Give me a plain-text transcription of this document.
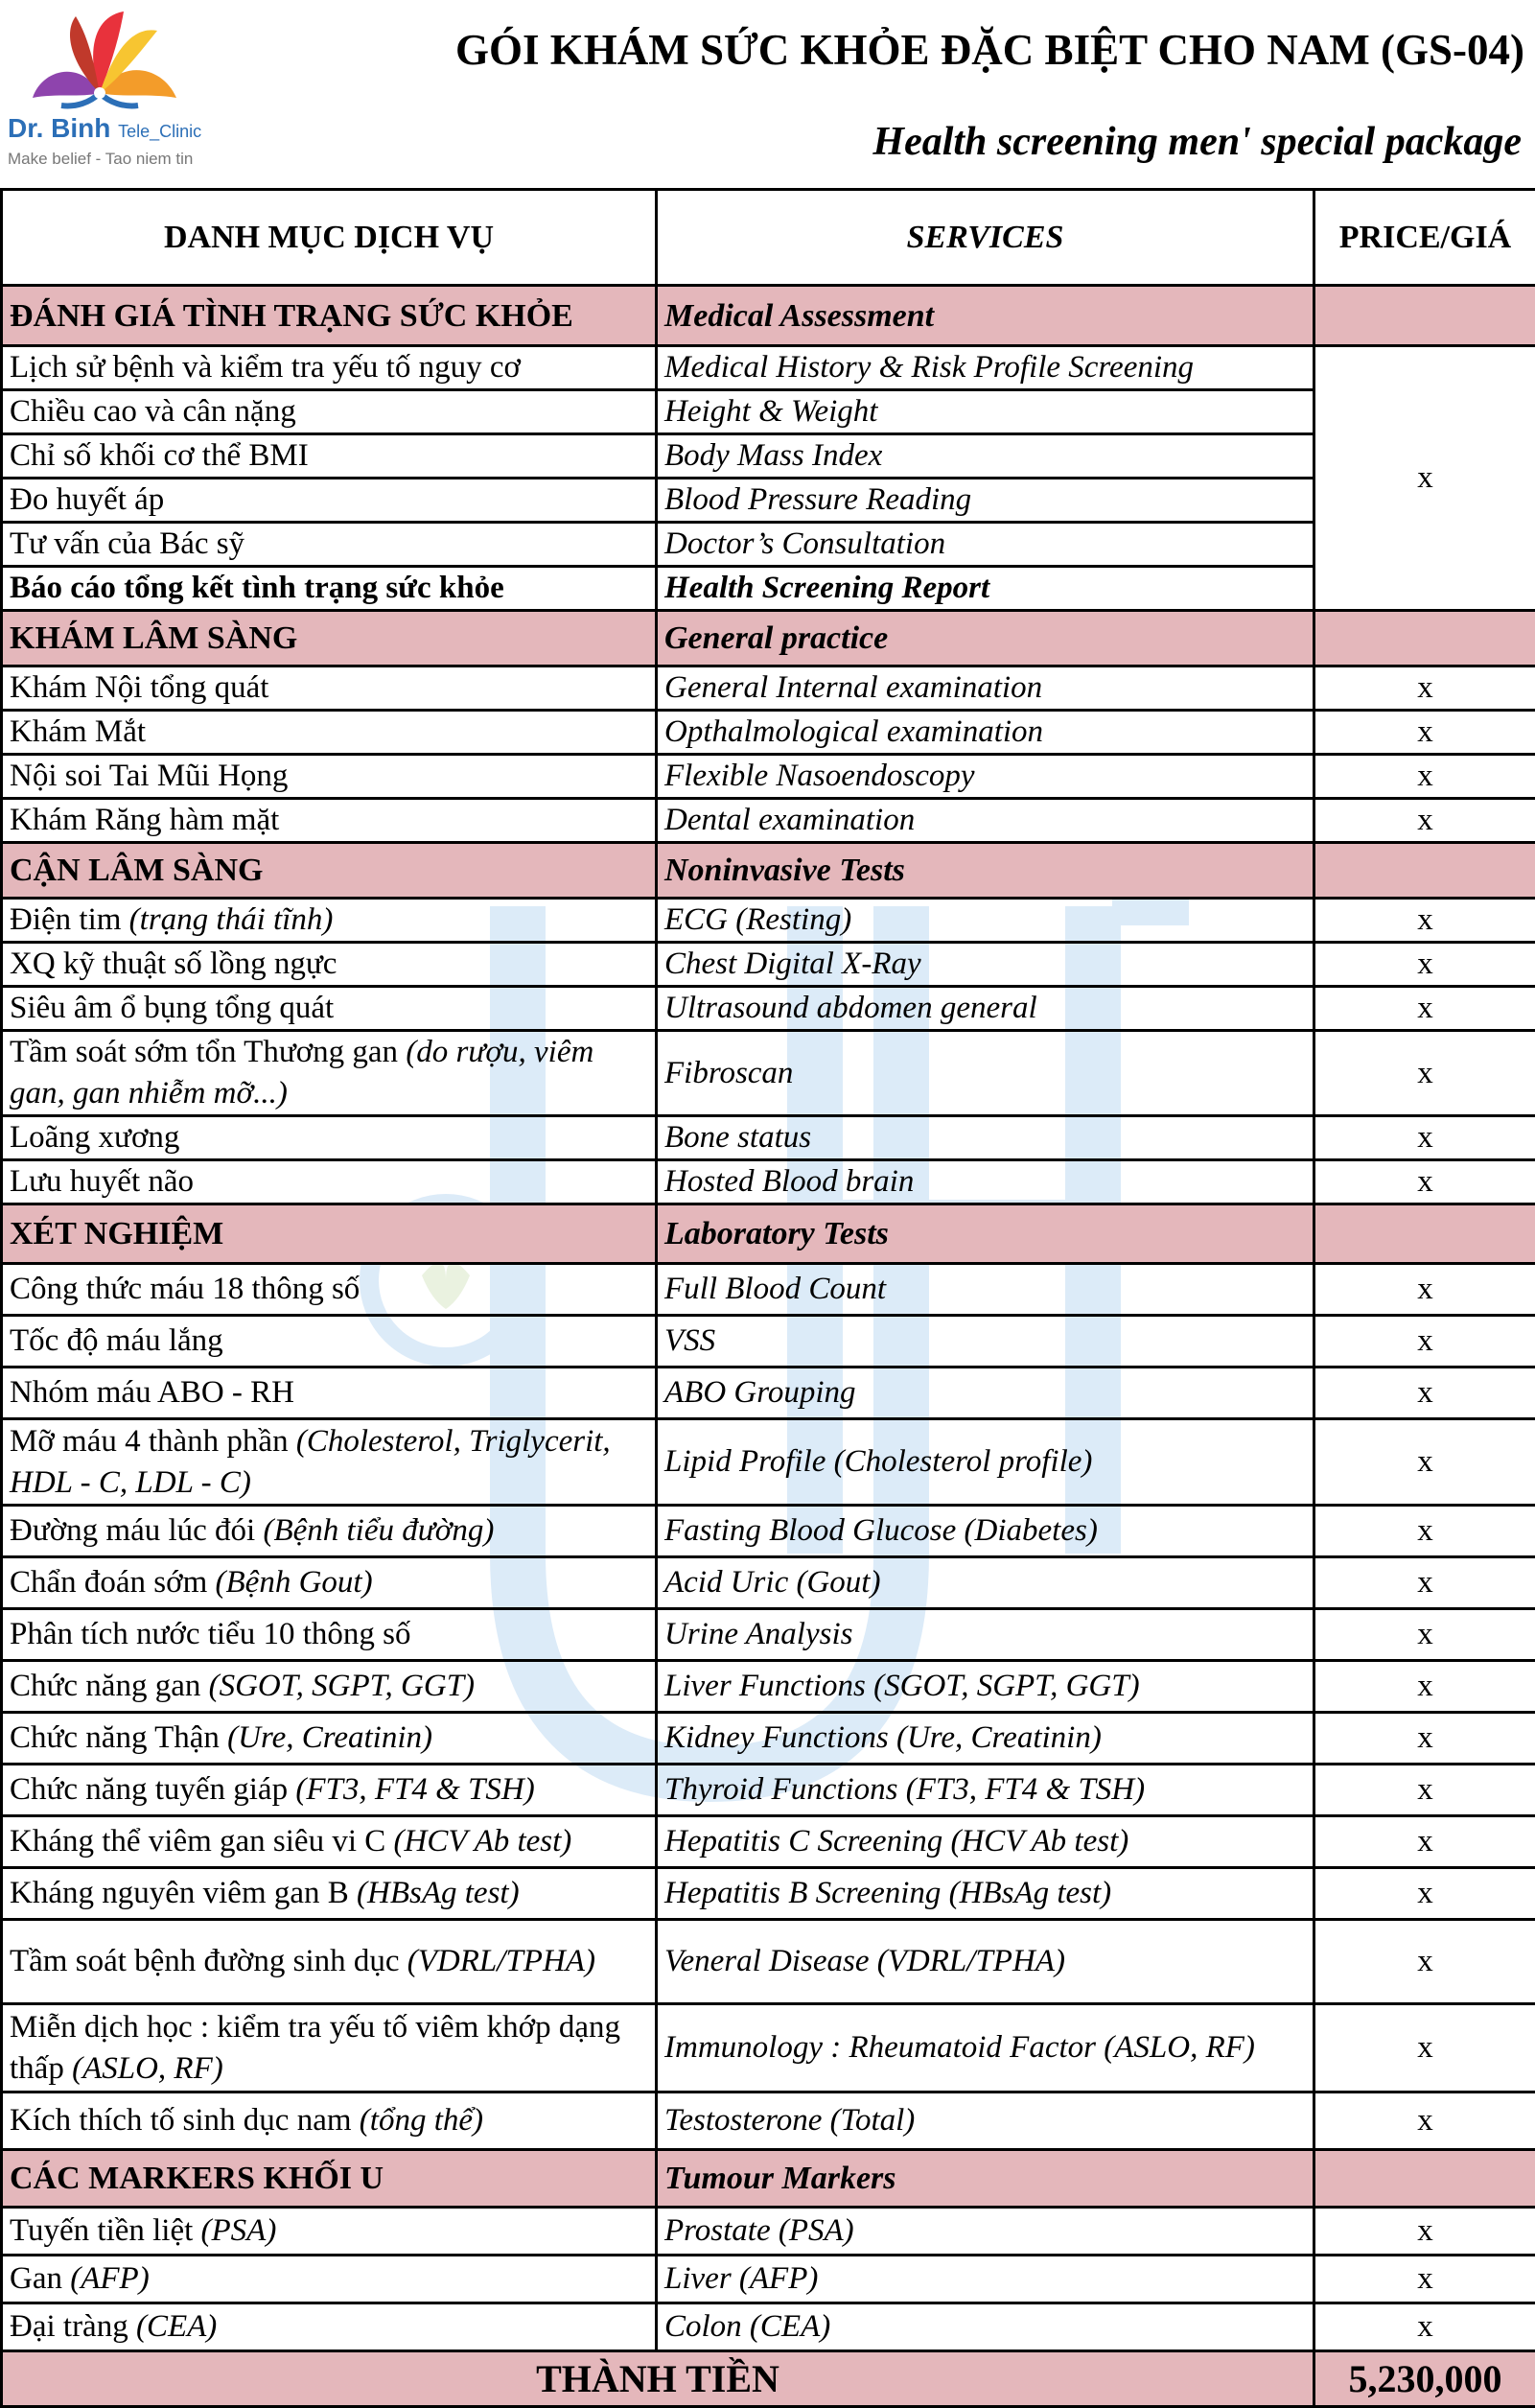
Dr. Binh Tele_Clinic
Make belief - Tao niem tin
GÓI KHÁM SỨC KHỎE ĐẶC BIỆT CHO NAM (GS-04)
Health screening men' special package
DANH MỤC DỊCH VỤ	SERVICES	PRICE/GIÁ
ĐÁNH GIÁ TÌNH TRẠNG SỨC KHỎE	Medical Assessment	
Lịch sử bệnh và kiểm tra yếu tố nguy cơ	Medical History & Risk Profile Screening	x
Chiều cao và cân nặng	Height & Weight	
Chỉ số khối cơ thể BMI	Body Mass Index	
Đo huyết áp	Blood Pressure Reading	
Tư vấn của Bác sỹ	Doctor’s Consultation	
Báo cáo tổng kết tình trạng sức khỏe	Health Screening Report	
KHÁM LÂM SÀNG	General practice	
Khám Nội tổng quát	General Internal examination	x
Khám Mắt	Opthalmological examination	x
Nội soi Tai Mũi Họng	Flexible Nasoendoscopy	x
Khám Răng hàm mặt	Dental examination	x
CẬN LÂM SÀNG	Noninvasive Tests	
Điện tim (trạng thái tĩnh)	ECG (Resting)	x
XQ kỹ thuật số lồng ngực	Chest Digital X-Ray	x
Siêu âm ổ bụng tổng quát	Ultrasound abdomen general	x
Tầm soát sớm tổn Thương gan (do rượu, viêm gan, gan nhiễm mỡ...)	Fibroscan	x
Loãng xương	Bone status	x
Lưu huyết não	Hosted Blood brain	x
XÉT NGHIỆM	Laboratory Tests	
Công thức máu 18 thông số	Full Blood Count	x
Tốc độ máu lắng	VSS	x
Nhóm máu ABO - RH	ABO Grouping	x
Mỡ máu 4 thành phần (Cholesterol, Triglycerit, HDL - C, LDL - C)	Lipid Profile (Cholesterol profile)	x
Đường máu lúc đói (Bệnh tiểu đường)	Fasting Blood Glucose (Diabetes)	x
Chẩn đoán sớm (Bệnh Gout)	Acid Uric (Gout)	x
Phân tích nước tiểu 10 thông số	Urine Analysis	x
Chức năng gan (SGOT, SGPT, GGT)	Liver Functions (SGOT, SGPT, GGT)	x
Chức năng Thận (Ure, Creatinin)	Kidney Functions (Ure, Creatinin)	x
Chức năng tuyến giáp (FT3, FT4 & TSH)	Thyroid Functions (FT3, FT4 & TSH)	x
Kháng thể viêm gan siêu vi C (HCV Ab test)	Hepatitis C Screening (HCV Ab test)	x
Kháng nguyên viêm gan B (HBsAg test)	Hepatitis B Screening (HBsAg test)	x
Tầm soát bệnh đường sinh dục (VDRL/TPHA)	Veneral Disease (VDRL/TPHA)	x
Miễn dịch học : kiểm tra yếu tố viêm khớp dạng thấp (ASLO, RF)	Immunology : Rheumatoid Factor (ASLO, RF)	x
Kích thích tố sinh dục nam (tổng thể)	Testosterone (Total)	x
CÁC MARKERS KHỐI U	Tumour Markers	
Tuyến tiền liệt (PSA)	Prostate (PSA)	x
Gan (AFP)	Liver (AFP)	x
Đại tràng (CEA)	Colon (CEA)	x
THÀNH TIỀN		5,230,000
